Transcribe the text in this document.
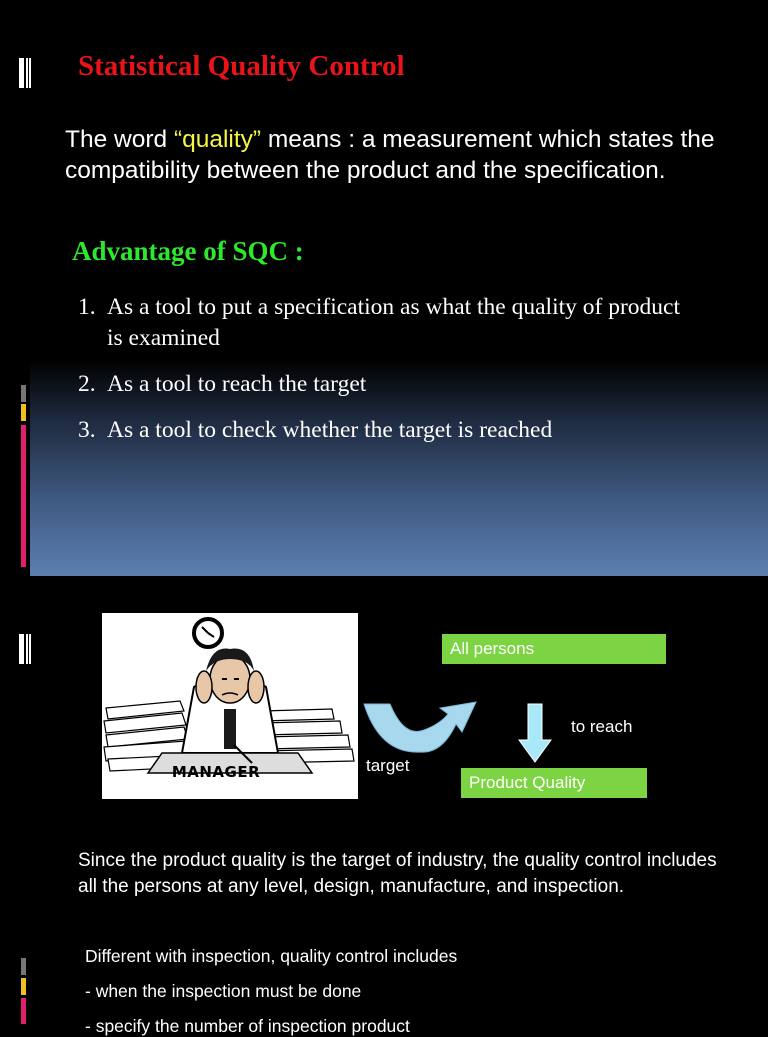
Statistical Quality Control

The word “quality” means : a measurement which states the compatibility between the product and the specification.

Advantage of SQC :
1. As a tool to put a specification as what the quality of product is examined
2. As a tool to reach the target
3. As a tool to check whether the target is reached
MANAGER	target
All persons
to reach
Product Quality

Since the product quality is the target of industry, the quality control includes all the persons at any level, design, manufacture, and inspection.

Different with inspection, quality control includes

- when the inspection must be done

- specify the number of inspection product
